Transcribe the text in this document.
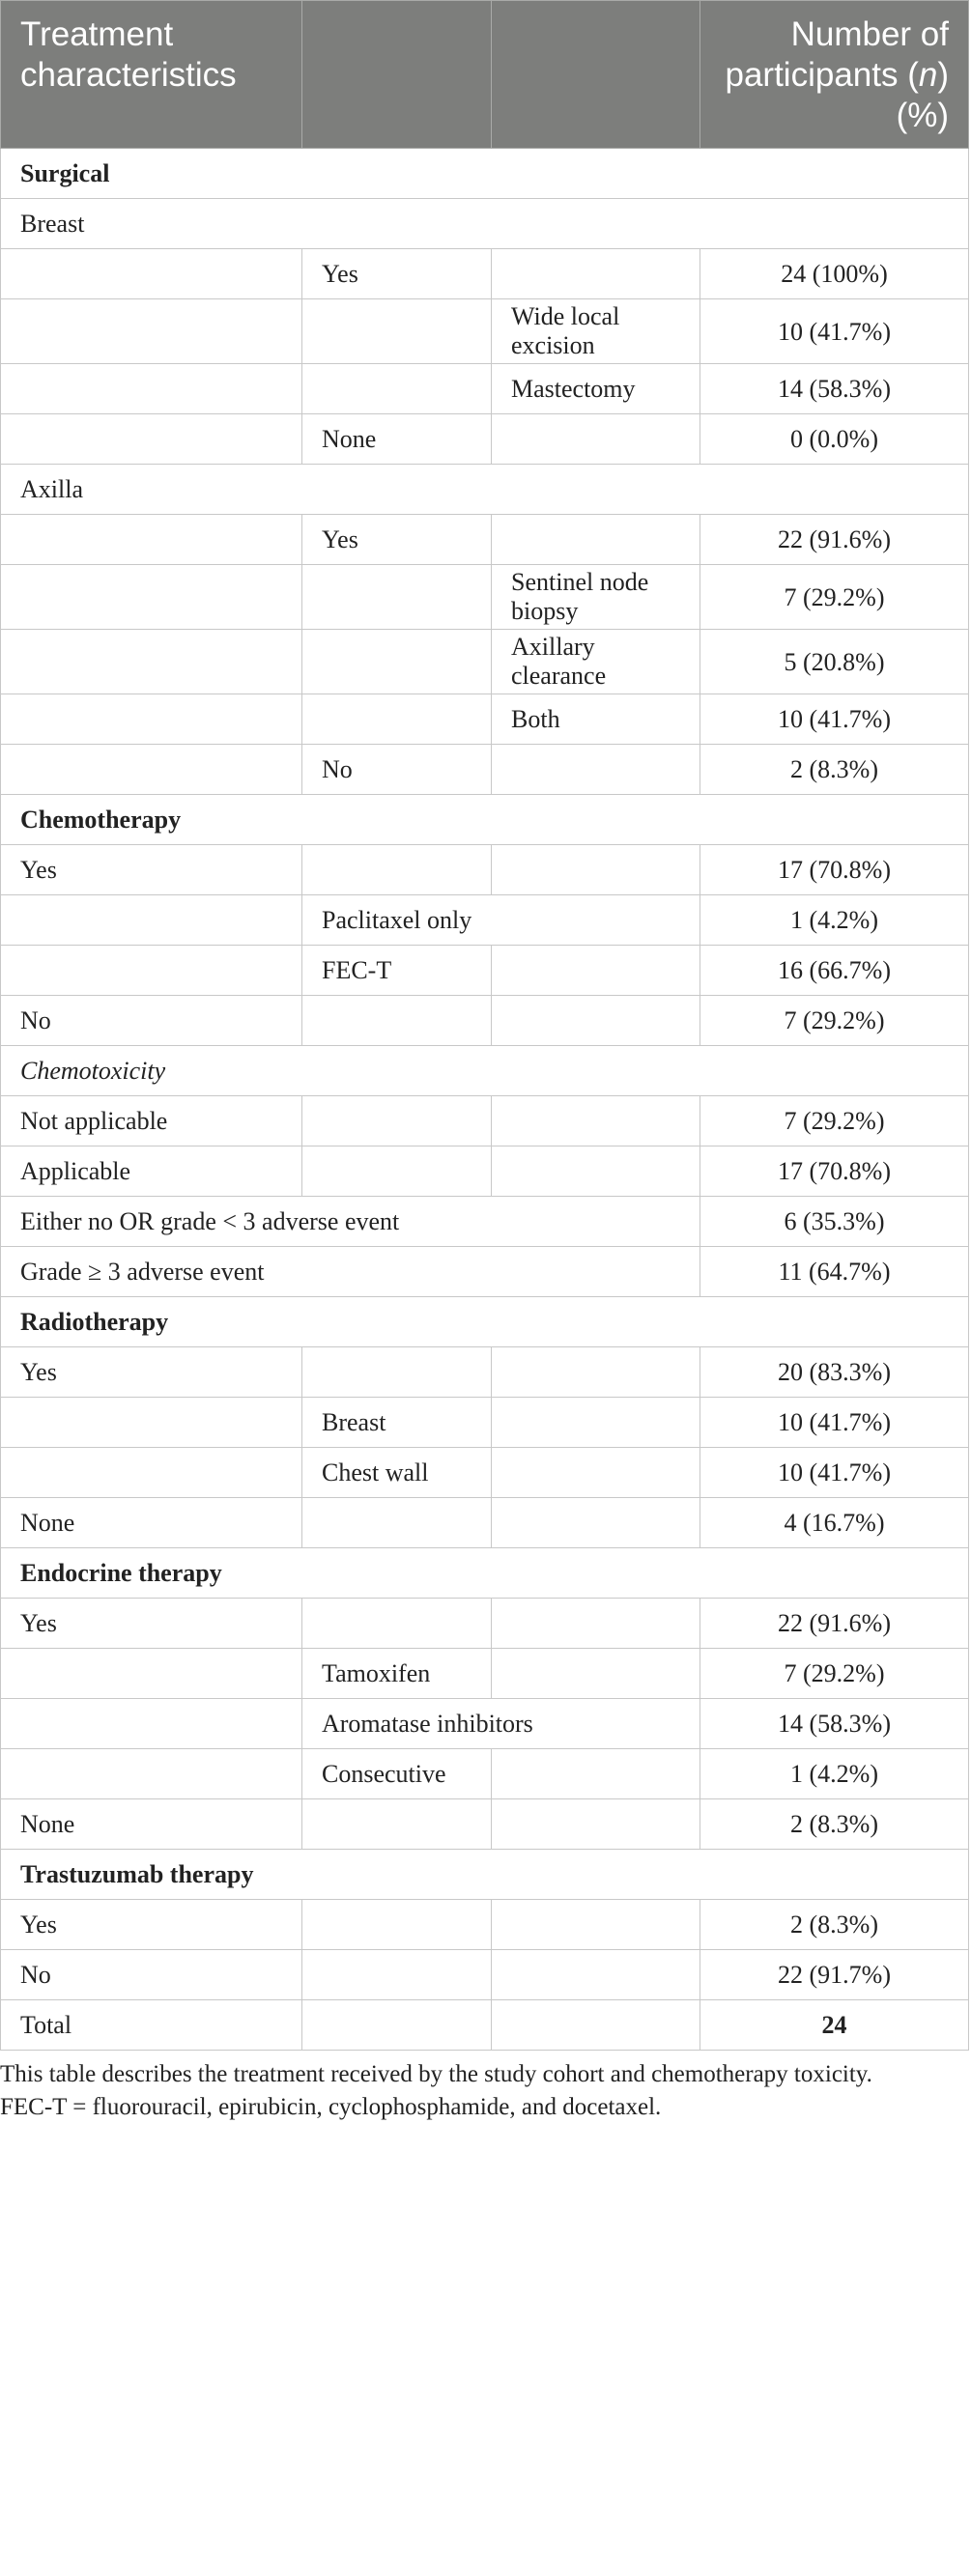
Treatment characteristics			Number of participants (n) (%)
Surgical			
Breast			
	Yes		24 (100%)
		Wide local excision	10 (41.7%)
		Mastectomy	14 (58.3%)
	None		0 (0.0%)
Axilla			
	Yes		22 (91.6%)
		Sentinel node biopsy	7 (29.2%)
		Axillary clearance	5 (20.8%)
		Both	10 (41.7%)
	No		2 (8.3%)
Chemotherapy			
Yes			17 (70.8%)
	Paclitaxel only		1 (4.2%)
	FEC-T		16 (66.7%)
No			7 (29.2%)
Chemotoxicity			
Not applicable			7 (29.2%)
Applicable			17 (70.8%)
Either no OR grade < 3 adverse event			6 (35.3%)
Grade ≥ 3 adverse event			11 (64.7%)
Radiotherapy			
Yes			20 (83.3%)
	Breast		10 (41.7%)
	Chest wall		10 (41.7%)
None			4 (16.7%)
Endocrine therapy			
Yes			22 (91.6%)
	Tamoxifen		7 (29.2%)
	Aromatase inhibitors		14 (58.3%)
	Consecutive		1 (4.2%)
None			2 (8.3%)
Trastuzumab therapy			
Yes			2 (8.3%)
No			22 (91.7%)
Total			24

This table describes the treatment received by the study cohort and chemotherapy toxicity.

FEC-T = fluorouracil, epirubicin, cyclophosphamide, and docetaxel.
